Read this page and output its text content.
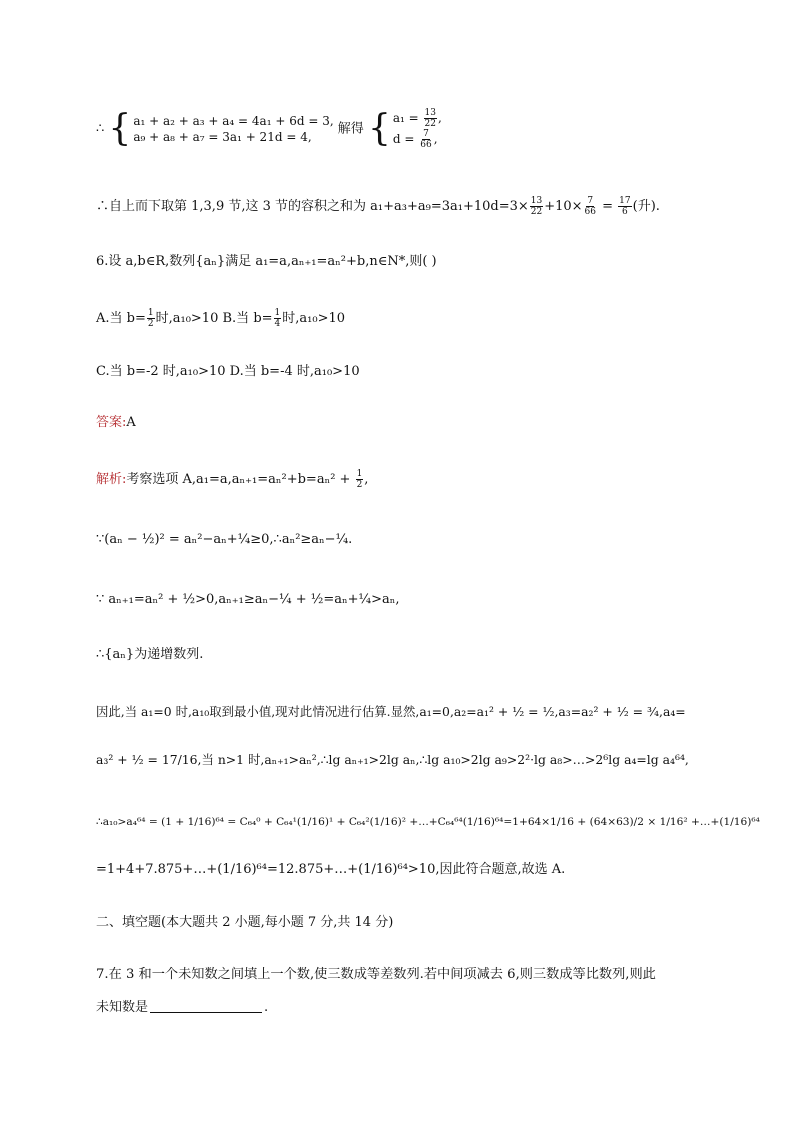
∴ { a₁ + a₂ + a₃ + a₄ = 4a₁ + 6d = 3,
a₉ + a₈ + a₇ = 3a₁ + 21d = 4,
解得 { $a_1 = \frac{13}{22}$ ,
$d = \frac{7}{66}$ ,
∴自上而下取第 1,3,9 节,这 3 节的容积之和为 $a_1+a_3+a_9=3a_1+10d=3\times \frac{13}{22} +10\times \frac{7}{66} = \frac{17}{6}$ (升).
6.设 a,b∈R,数列{aₙ}满足 a₁=a,aₙ₊₁=aₙ²+b,n∈N*,则( )
A.当 $b= \frac{1}{2}$ 时,a₁₀>10 B.当 $b= \frac{1}{4}$ 时,a₁₀>10
C.当 b=-2 时,a₁₀>10 D.当 b=-4 时,a₁₀>10
答案:A
解析:考察选项 $A,a_1=a,a_{n+1}=a_n^2+b=a_n^2 + \frac{1}{2}$ ,
∵(aₙ − ½)² = aₙ²−aₙ+¼≥0,∴aₙ²≥aₙ−¼.
∵ aₙ₊₁=aₙ² + ½>0,aₙ₊₁≥aₙ−¼ + ½=aₙ+¼>aₙ,
∴{aₙ}为递增数列.
因此,当 a₁=0 时,a₁₀取到最小值,现对此情况进行估算.显然,a₁=0,a₂=a₁² + ½ = ½,a₃=a₂² + ½ = ¾,a₄=
a₃² + ½ = 17/16,当 n>1 时,aₙ₊₁>aₙ²,∴lg aₙ₊₁>2lg aₙ,∴lg a₁₀>2lg a₉>2²·lg a₈>…>2⁶lg a₄=lg a₄⁶⁴,
∴a₁₀>a₄⁶⁴ = (1 + 1/16)⁶⁴ = C₆₄⁰ + C₆₄¹(1/16)¹ + C₆₄²(1/16)² +…+C₆₄⁶⁴(1/16)⁶⁴=1+64×1/16 + (64×63)/2 × 1/16² +…+(1/16)⁶⁴
=1+4+7.875+…+(1/16)⁶⁴=12.875+…+(1/16)⁶⁴>10,因此符合题意,故选 A.
二、填空题(本大题共 2 小题,每小题 7 分,共 14 分)
7.在 3 和一个未知数之间填上一个数,使三数成等差数列.若中间项减去 6,则三数成等比数列,则此
未知数是	.
